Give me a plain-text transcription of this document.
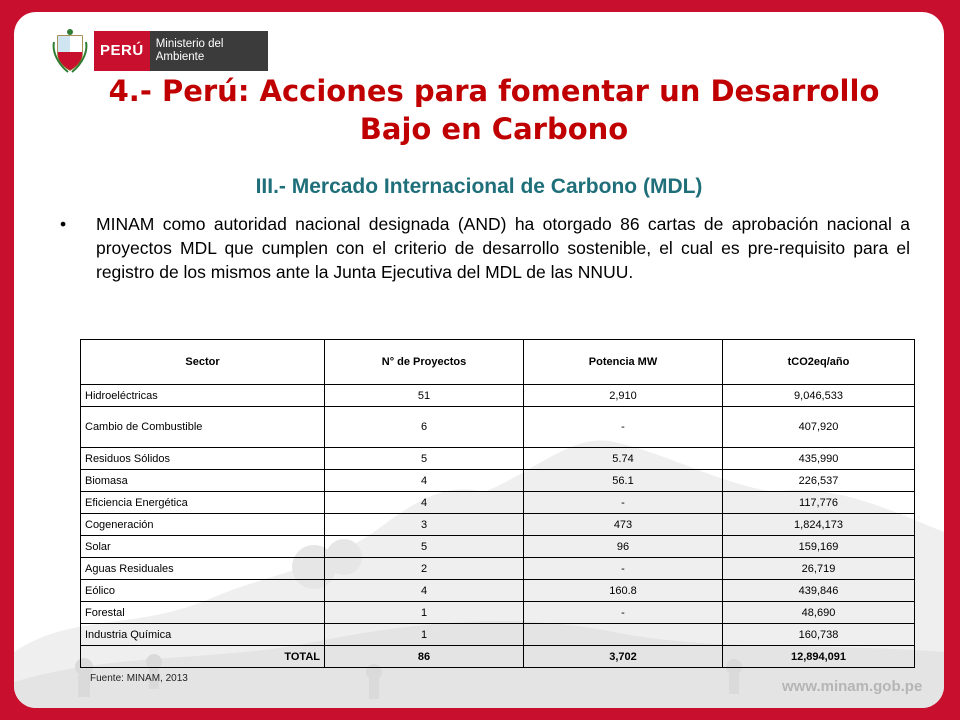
PERÚ	Ministerio del Ambiente
4.- Perú: Acciones para fomentar un Desarrollo Bajo en Carbono
III.- Mercado Internacional de Carbono (MDL)
•	MINAM como autoridad nacional designada (AND) ha otorgado 86 cartas de aprobación nacional a proyectos MDL que cumplen con el criterio de desarrollo sostenible, el cual es pre-requisito para el registro de los mismos ante la Junta Ejecutiva del MDL de las NNUU.
Sector	N° de Proyectos	Potencia MW	tCO2eq/año
Hidroeléctricas	51	2,910	9,046,533
Cambio de Combustible	6	-	407,920
Residuos Sólidos	5	5.74	435,990
Biomasa	4	56.1	226,537
Eficiencia Energética	4	-	117,776
Cogeneración	3	473	1,824,173
Solar	5	96	159,169
Aguas Residuales	2	-	26,719
Eólico	4	160.8	439,846
Forestal	1	-	48,690
Industria Química	1		160,738
TOTAL	86	3,702	12,894,091
Fuente: MINAM, 2013	www.minam.gob.pe
